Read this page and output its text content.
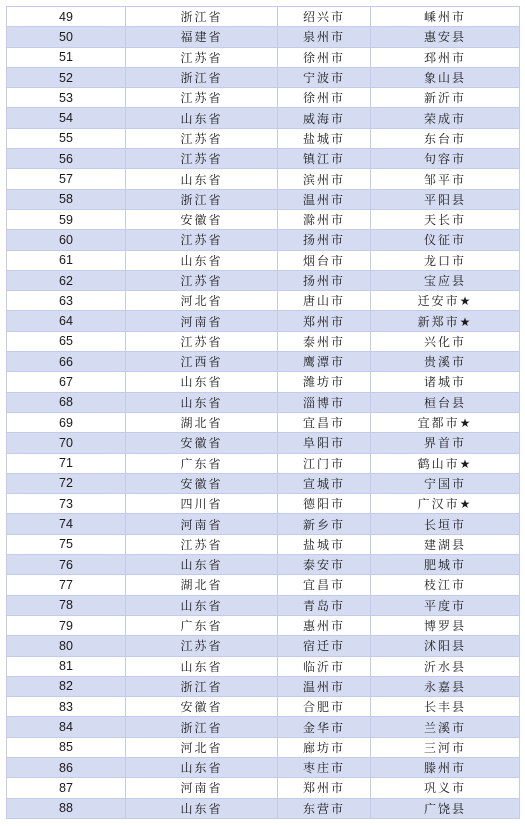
49	浙江省	绍兴市	嵊州市
50	福建省	泉州市	惠安县
51	江苏省	徐州市	邳州市
52	浙江省	宁波市	象山县
53	江苏省	徐州市	新沂市
54	山东省	威海市	荣成市
55	江苏省	盐城市	东台市
56	江苏省	镇江市	句容市
57	山东省	滨州市	邹平市
58	浙江省	温州市	平阳县
59	安徽省	滁州市	天长市
60	江苏省	扬州市	仪征市
61	山东省	烟台市	龙口市
62	江苏省	扬州市	宝应县
63	河北省	唐山市	迁安市★
64	河南省	郑州市	新郑市★
65	江苏省	泰州市	兴化市
66	江西省	鹰潭市	贵溪市
67	山东省	潍坊市	诸城市
68	山东省	淄博市	桓台县
69	湖北省	宜昌市	宜都市★
70	安徽省	阜阳市	界首市
71	广东省	江门市	鹤山市★
72	安徽省	宣城市	宁国市
73	四川省	德阳市	广汉市★
74	河南省	新乡市	长垣市
75	江苏省	盐城市	建湖县
76	山东省	泰安市	肥城市
77	湖北省	宜昌市	枝江市
78	山东省	青岛市	平度市
79	广东省	惠州市	博罗县
80	江苏省	宿迁市	沭阳县
81	山东省	临沂市	沂水县
82	浙江省	温州市	永嘉县
83	安徽省	合肥市	长丰县
84	浙江省	金华市	兰溪市
85	河北省	廊坊市	三河市
86	山东省	枣庄市	滕州市
87	河南省	郑州市	巩义市
88	山东省	东营市	广饶县
